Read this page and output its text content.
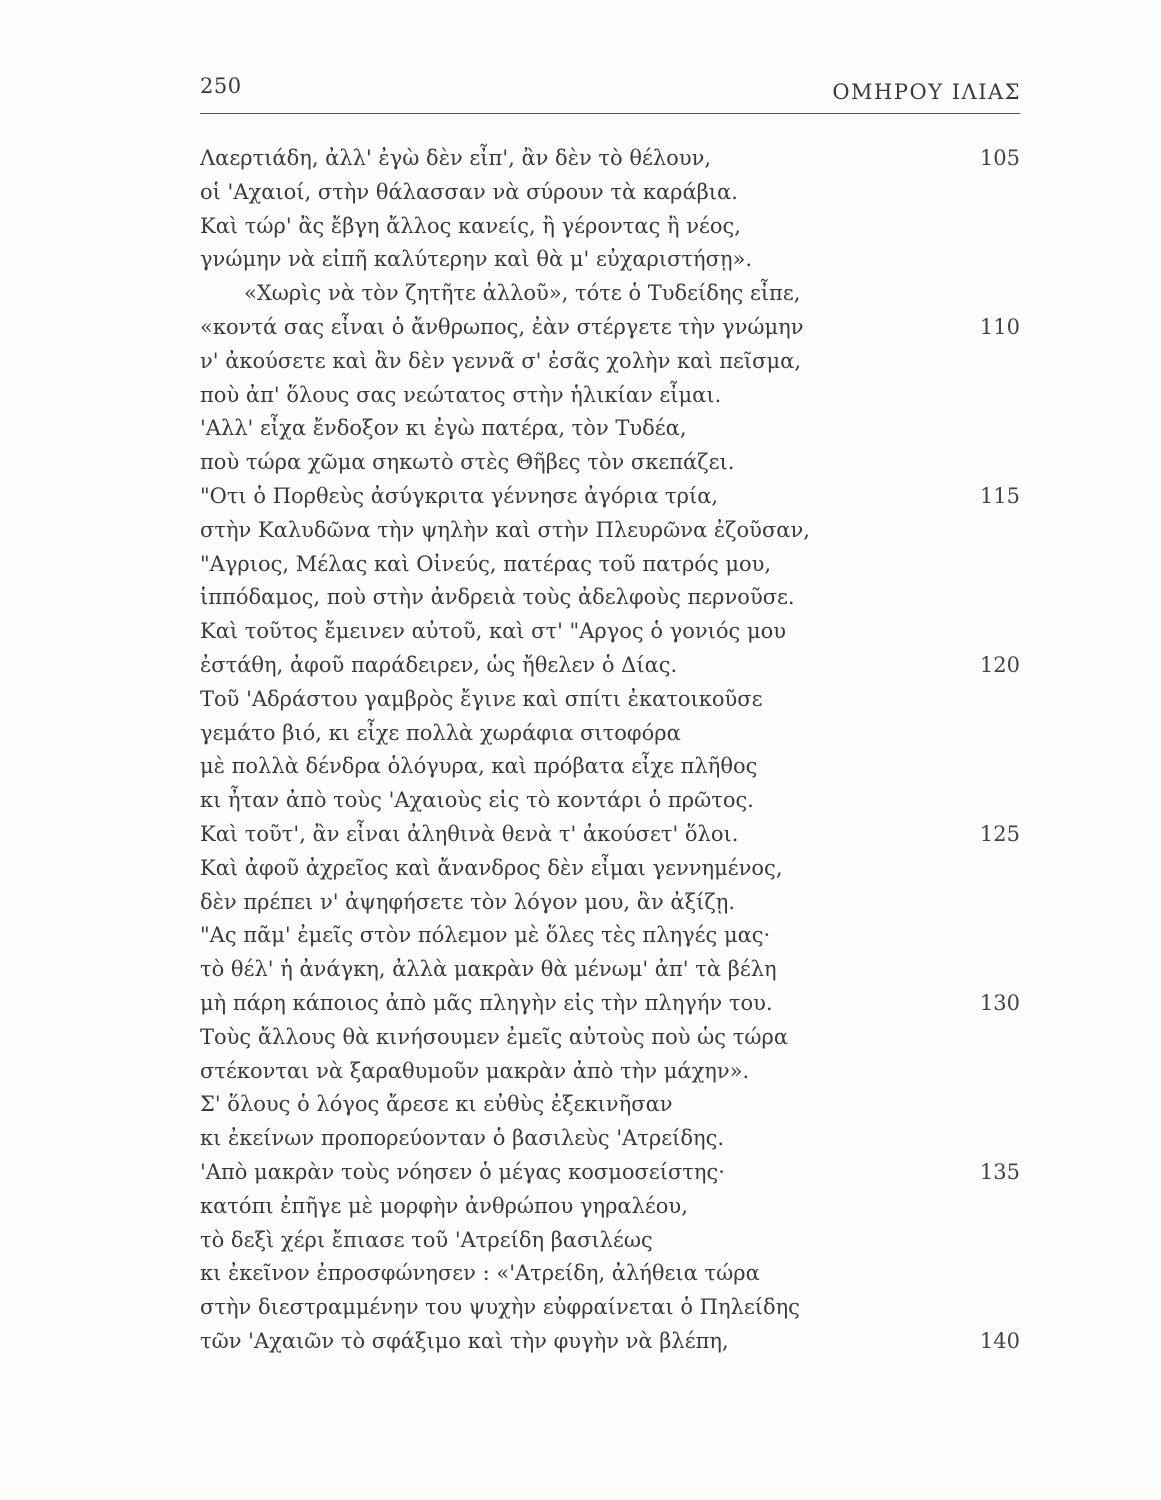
250	ΟΜΗΡΟΥ ΙΛΙΑΣ
Λαερτιάδη, ἀλλ' ἐγὼ δὲν εἶπ', ἂν δὲν τὸ θέλουν,	105
οἱ 'Αχαιοί, στὴν θάλασσαν νὰ σύρουν τὰ καράβια.
Καὶ τώρ' ἂς ἔβγη ἄλλος κανείς, ἢ γέροντας ἢ νέος,
γνώμην νὰ εἰπῆ καλύτερην καὶ θὰ μ' εὐχαριστήσῃ».
«Χωρὶς νὰ τὸν ζητῆτε ἀλλοῦ», τότε ὁ Τυδείδης εἶπε,
«κοντά σας εἶναι ὁ ἄνθρωπος, ἐὰν στέργετε τὴν γνώμην	110
ν' ἀκούσετε καὶ ἂν δὲν γεννᾶ σ' ἐσᾶς χολὴν καὶ πεῖσμα,
ποὺ ἀπ' ὅλους σας νεώτατος στὴν ἡλικίαν εἶμαι.
'Αλλ' εἶχα ἔνδοξον κι ἐγὼ πατέρα, τὸν Τυδέα,
ποὺ τώρα χῶμα σηκωτὸ στὲς Θῆβες τὸν σκεπάζει.
"Οτι ὁ Πορθεὺς ἀσύγκριτα γέννησε ἀγόρια τρία,	115
στὴν Καλυδῶνα τὴν ψηλὴν καὶ στὴν Πλευρῶνα ἐζοῦσαν,
"Αγριος, Μέλας καὶ Οἰνεύς, πατέρας τοῦ πατρός μου,
ἱππόδαμος, ποὺ στὴν ἀνδρειὰ τοὺς ἀδελφοὺς περνοῦσε.
Καὶ τοῦτος ἔμεινεν αὐτοῦ, καὶ στ' "Αργος ὁ γονιός μου
ἐστάθη, ἀφοῦ παράδειρεν, ὡς ἤθελεν ὁ Δίας.	120
Τοῦ 'Αδράστου γαμβρὸς ἔγινε καὶ σπίτι ἐκατοικοῦσε
γεμάτο βιό, κι εἶχε πολλὰ χωράφια σιτοφόρα
μὲ πολλὰ δένδρα ὁλόγυρα, καὶ πρόβατα εἶχε πλῆθος
κι ἦταν ἀπὸ τοὺς 'Αχαιοὺς εἰς τὸ κοντάρι ὁ πρῶτος.
Καὶ τοῦτ', ἂν εἶναι ἀληθινὰ θενὰ τ' ἀκούσετ' ὅλοι.	125
Καὶ ἀφοῦ ἀχρεῖος καὶ ἄνανδρος δὲν εἶμαι γεννημένος,
δὲν πρέπει ν' ἀψηφήσετε τὸν λόγον μου, ἂν ἀξίζῃ.
"Ας πᾶμ' ἐμεῖς στὸν πόλεμον μὲ ὅλες τὲς πληγές μας·
τὸ θέλ' ἡ ἀνάγκη, ἀλλὰ μακρὰν θὰ μένωμ' ἀπ' τὰ βέλη
μὴ πάρη κάποιος ἀπὸ μᾶς πληγὴν εἰς τὴν πληγήν του.	130
Τοὺς ἄλλους θὰ κινήσουμεν ἐμεῖς αὐτοὺς ποὺ ὡς τώρα
στέκονται νὰ ξαραθυμοῦν μακρὰν ἀπὸ τὴν μάχην».
Σ' ὅλους ὁ λόγος ἄρεσε κι εὐθὺς ἐξεκινῆσαν
κι ἐκείνων προπορεύονταν ὁ βασιλεὺς 'Ατρείδης.
'Απὸ μακρὰν τοὺς νόησεν ὁ μέγας κοσμοσείστης·	135
κατόπι ἐπῆγε μὲ μορφὴν ἀνθρώπου γηραλέου,
τὸ δεξὶ χέρι ἔπιασε τοῦ 'Ατρείδη βασιλέως
κι ἐκεῖνον ἐπροσφώνησεν : «'Ατρείδη, ἀλήθεια τώρα
στὴν διεστραμμένην του ψυχὴν εὐφραίνεται ὁ Πηλείδης
τῶν 'Αχαιῶν τὸ σφάξιμο καὶ τὴν φυγὴν νὰ βλέπη,	140
